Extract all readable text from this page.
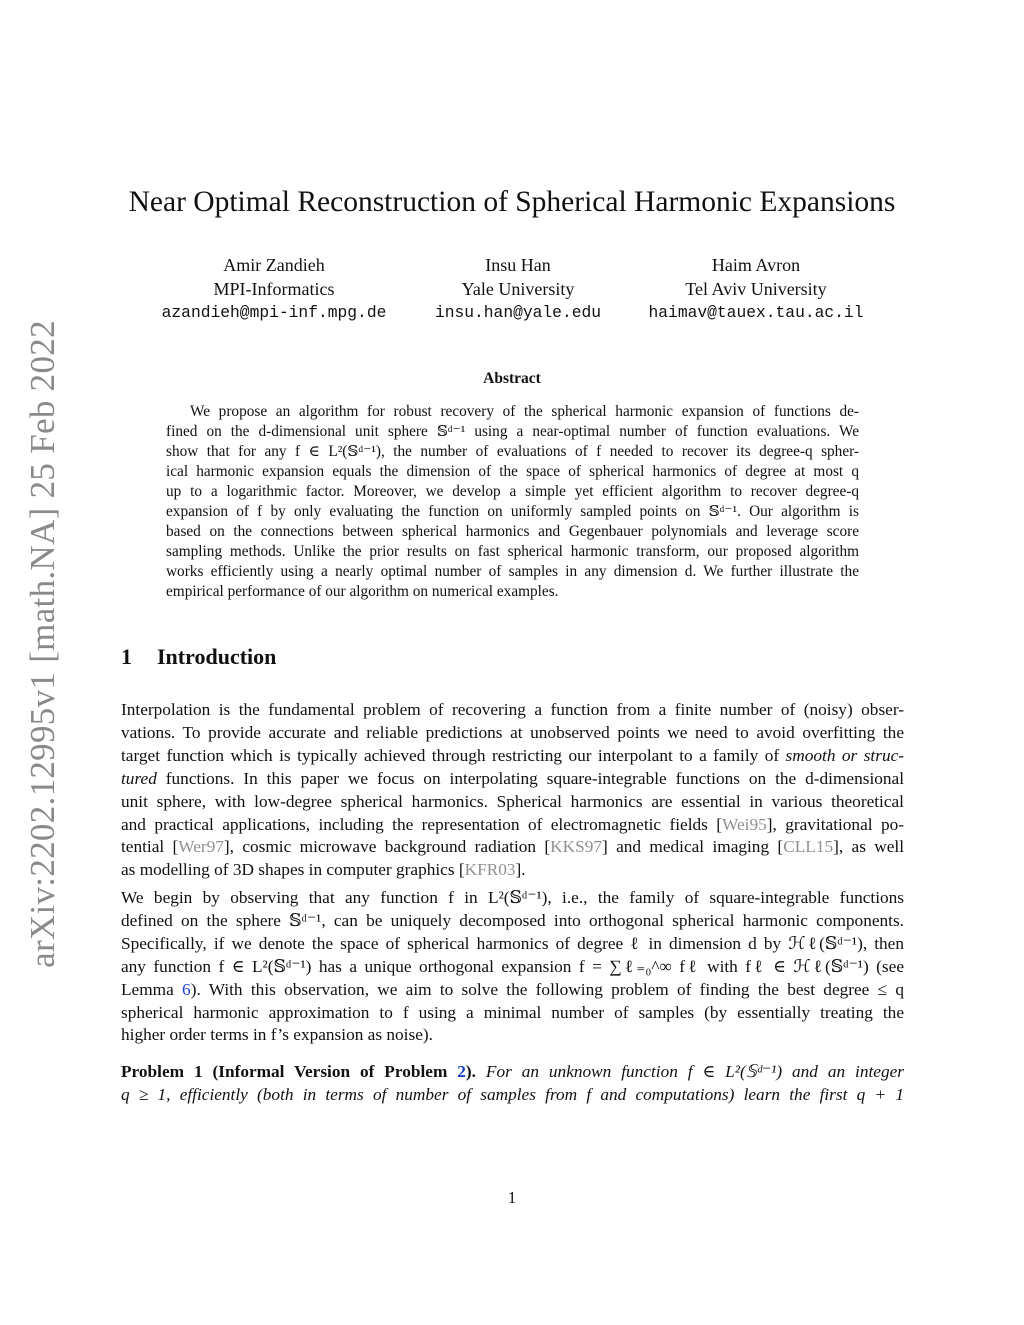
arXiv:2202.12995v1 [math.NA] 25 Feb 2022
Near Optimal Reconstruction of Spherical Harmonic Expansions
Amir Zandieh
MPI-Informatics
azandieh@mpi-inf.mpg.de
Insu Han
Yale University
insu.han@yale.edu
Haim Avron
Tel Aviv University
haimav@tauex.tau.ac.il
Abstract
We propose an algorithm for robust recovery of the spherical harmonic expansion of functions de-
fined on the d-dimensional unit sphere 𝕊ᵈ⁻¹ using a near-optimal number of function evaluations. We
show that for any f ∈ L²(𝕊ᵈ⁻¹), the number of evaluations of f needed to recover its degree-q spher-
ical harmonic expansion equals the dimension of the space of spherical harmonics of degree at most q
up to a logarithmic factor. Moreover, we develop a simple yet efficient algorithm to recover degree-q
expansion of f by only evaluating the function on uniformly sampled points on 𝕊ᵈ⁻¹. Our algorithm is
based on the connections between spherical harmonics and Gegenbauer polynomials and leverage score
sampling methods. Unlike the prior results on fast spherical harmonic transform, our proposed algorithm
works efficiently using a nearly optimal number of samples in any dimension d. We further illustrate the
empirical performance of our algorithm on numerical examples.
1 Introduction
Interpolation is the fundamental problem of recovering a function from a finite number of (noisy) obser-
vations. To provide accurate and reliable predictions at unobserved points we need to avoid overfitting the
target function which is typically achieved through restricting our interpolant to a family of smooth or struc-
tured functions. In this paper we focus on interpolating square-integrable functions on the d-dimensional
unit sphere, with low-degree spherical harmonics. Spherical harmonics are essential in various theoretical
and practical applications, including the representation of electromagnetic fields [Wei95], gravitational po-
tential [Wer97], cosmic microwave background radiation [KKS97] and medical imaging [CLL15], as well
as modelling of 3D shapes in computer graphics [KFR03].
We begin by observing that any function f in L²(𝕊ᵈ⁻¹), i.e., the family of square-integrable functions
defined on the sphere 𝕊ᵈ⁻¹, can be uniquely decomposed into orthogonal spherical harmonic components.
Specifically, if we denote the space of spherical harmonics of degree ℓ in dimension d by ℋℓ(𝕊ᵈ⁻¹), then
any function f ∈ L²(𝕊ᵈ⁻¹) has a unique orthogonal expansion f = ∑ℓ₌₀^∞ fℓ with fℓ ∈ ℋℓ(𝕊ᵈ⁻¹) (see
Lemma 6). With this observation, we aim to solve the following problem of finding the best degree ≤ q
spherical harmonic approximation to f using a minimal number of samples (by essentially treating the
higher order terms in f’s expansion as noise).
Problem 1 (Informal Version of Problem 2). For an unknown function f ∈ L²(𝕊ᵈ⁻¹) and an integer
q ≥ 1, efficiently (both in terms of number of samples from f and computations) learn the first q + 1
1
